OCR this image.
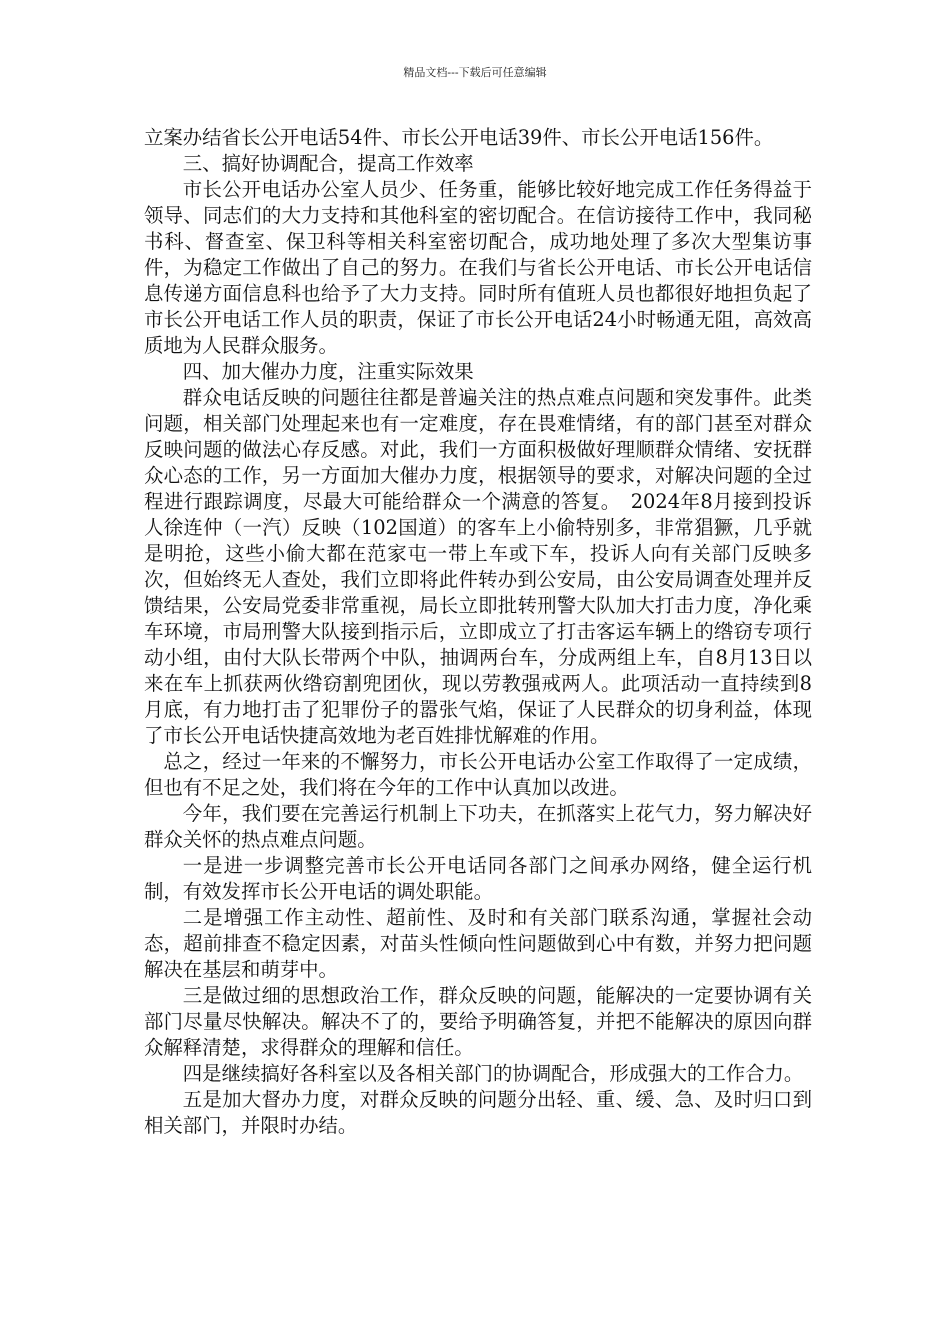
精品文档---下载后可任意编辑

立案办结省长公开电话54件、市长公开电话39件、市长公开电话156件。

三、搞好协调配合，提高工作效率

市长公开电话办公室人员少、任务重，能够比较好地完成工作任务得益于领导、同志们的大力支持和其他科室的密切配合。在信访接待工作中，我同秘书科、督查室、保卫科等相关科室密切配合，成功地处理了多次大型集访事件，为稳定工作做出了自己的努力。在我们与省长公开电话、市长公开电话信息传递方面信息科也给予了大力支持。同时所有值班人员也都很好地担负起了市长公开电话工作人员的职责，保证了市长公开电话24小时畅通无阻，高效高质地为人民群众服务。

四、加大催办力度，注重实际效果

群众电话反映的问题往往都是普遍关注的热点难点问题和突发事件。此类问题，相关部门处理起来也有一定难度，存在畏难情绪，有的部门甚至对群众反映问题的做法心存反感。对此，我们一方面积极做好理顺群众情绪、安抚群众心态的工作，另一方面加大催办力度，根据领导的要求，对解决问题的全过程进行跟踪调度，尽最大可能给群众一个满意的答复。　2024年8月接到投诉人徐连仲（一汽）反映（102国道）的客车上小偷特别多，非常猖獗，几乎就是明抢，这些小偷大都在范家屯一带上车或下车，投诉人向有关部门反映多次，但始终无人查处，我们立即将此件转办到公安局，由公安局调查处理并反馈结果，公安局党委非常重视，局长立即批转刑警大队加大打击力度，净化乘车环境，市局刑警大队接到指示后，立即成立了打击客运车辆上的绺窃专项行动小组，由付大队长带两个中队，抽调两台车，分成两组上车，自8月13日以来在车上抓获两伙绺窃割兜团伙，现以劳教强戒两人。此项活动一直持续到8月底，有力地打击了犯罪份子的嚣张气焰，保证了人民群众的切身利益，体现了市长公开电话快捷高效地为老百姓排忧解难的作用。

总之，经过一年来的不懈努力，市长公开电话办公室工作取得了一定成绩，但也有不足之处，我们将在今年的工作中认真加以改进。

今年，我们要在完善运行机制上下功夫，在抓落实上花气力，努力解决好群众关怀的热点难点问题。

一是进一步调整完善市长公开电话同各部门之间承办网络，健全运行机制，有效发挥市长公开电话的调处职能。

二是增强工作主动性、超前性、及时和有关部门联系沟通，掌握社会动态，超前排查不稳定因素，对苗头性倾向性问题做到心中有数，并努力把问题解决在基层和萌芽中。

三是做过细的思想政治工作，群众反映的问题，能解决的一定要协调有关部门尽量尽快解决。解决不了的，要给予明确答复，并把不能解决的原因向群众解释清楚，求得群众的理解和信任。

四是继续搞好各科室以及各相关部门的协调配合，形成强大的工作合力。

五是加大督办力度，对群众反映的问题分出轻、重、缓、急、及时归口到相关部门，并限时办结。
